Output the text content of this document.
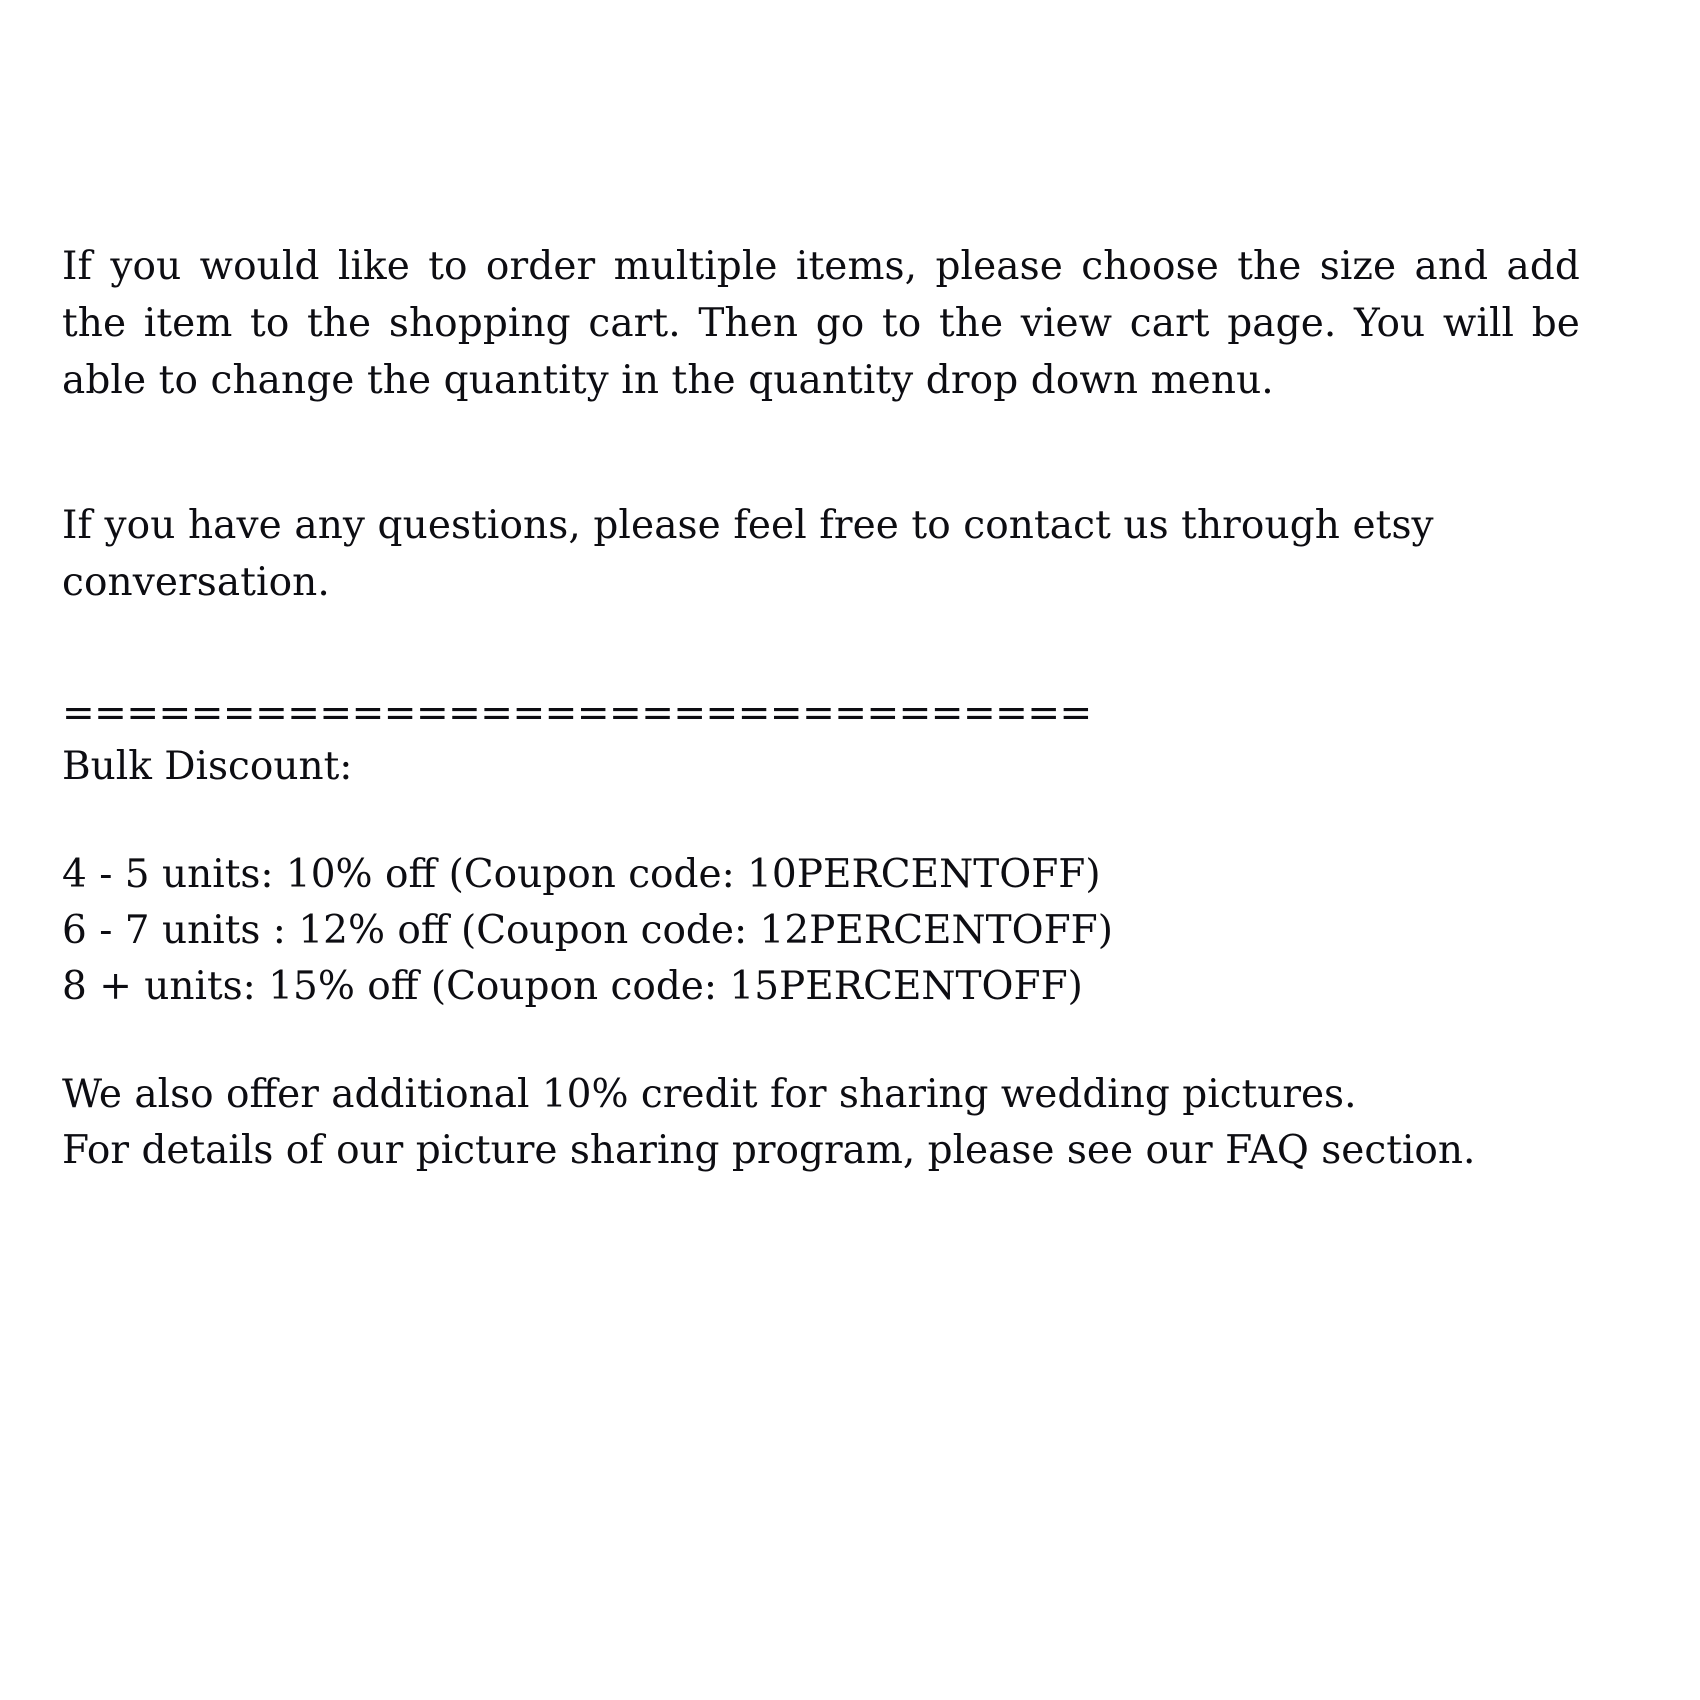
If you would like to order multiple items, please choose the size and add the item to the shopping cart. Then go to the view cart page. You will be able to change the quantity in the quantity drop down menu.

If you have any questions, please feel free to contact us through etsy conversation.

================================
Bulk Discount:
4 - 5 units: 10% off (Coupon code: 10PERCENTOFF)
6 - 7 units : 12% off (Coupon code: 12PERCENTOFF)
8 + units: 15% off (Coupon code: 15PERCENTOFF)
We also offer additional 10% credit for sharing wedding pictures.
For details of our picture sharing program, please see our FAQ section.
